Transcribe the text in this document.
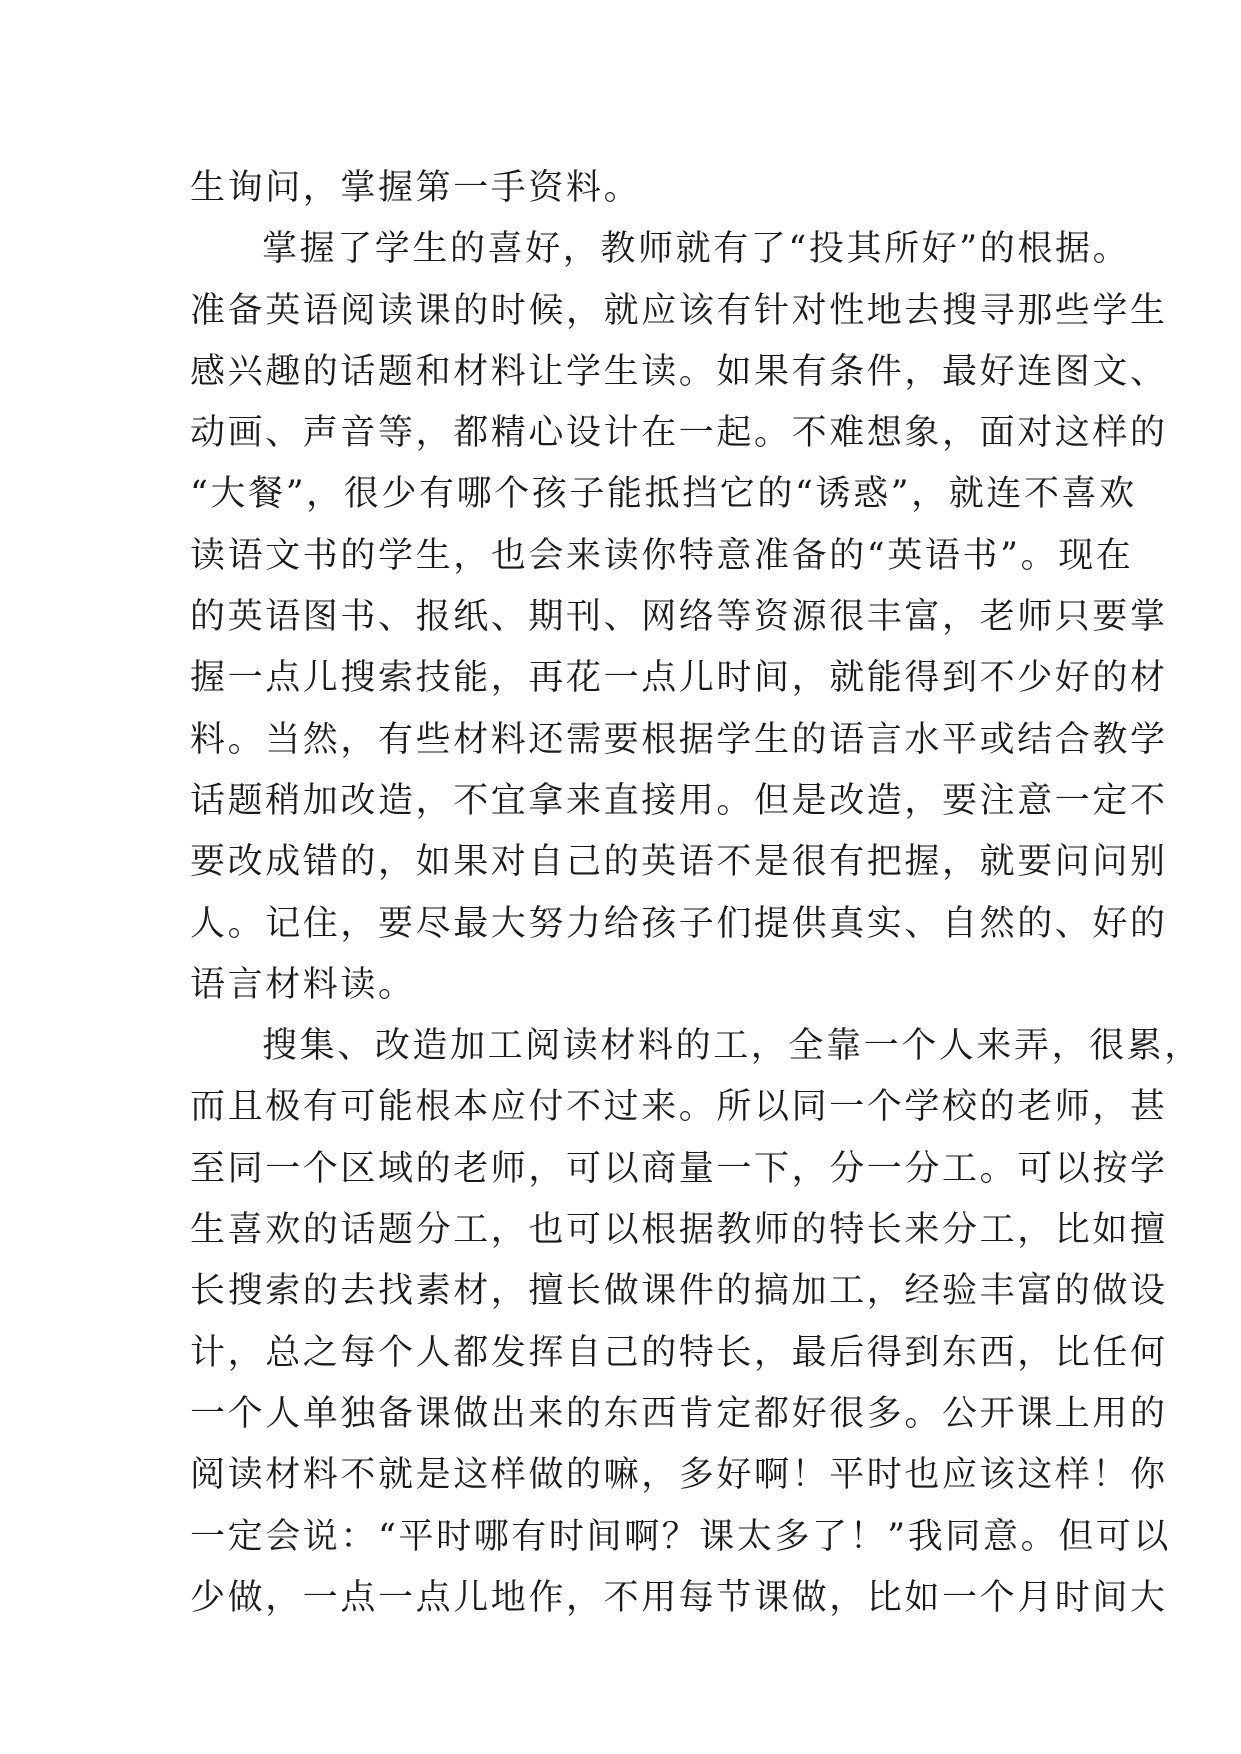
生询问，掌握第一手资料。
掌握了学生的喜好，教师就有了“投其所好”的根据。
准备英语阅读课的时候，就应该有针对性地去搜寻那些学生
感兴趣的话题和材料让学生读。如果有条件，最好连图文、
动画、声音等，都精心设计在一起。不难想象，面对这样的
“大餐”，很少有哪个孩子能抵挡它的“诱惑”，就连不喜欢
读语文书的学生，也会来读你特意准备的“英语书”。现在
的英语图书、报纸、期刊、网络等资源很丰富，老师只要掌
握一点儿搜索技能，再花一点儿时间，就能得到不少好的材
料。当然，有些材料还需要根据学生的语言水平或结合教学
话题稍加改造，不宜拿来直接用。但是改造，要注意一定不
要改成错的，如果对自己的英语不是很有把握，就要问问别
人。记住，要尽最大努力给孩子们提供真实、自然的、好的
语言材料读。
搜集、改造加工阅读材料的工，全靠一个人来弄，很累，
而且极有可能根本应付不过来。所以同一个学校的老师，甚
至同一个区域的老师，可以商量一下，分一分工。可以按学
生喜欢的话题分工，也可以根据教师的特长来分工，比如擅
长搜索的去找素材，擅长做课件的搞加工，经验丰富的做设
计，总之每个人都发挥自己的特长，最后得到东西，比任何
一个人单独备课做出来的东西肯定都好很多。公开课上用的
阅读材料不就是这样做的嘛，多好啊！平时也应该这样！你
一定会说：“平时哪有时间啊？课太多了！”我同意。但可以
少做，一点一点儿地作，不用每节课做，比如一个月时间大
